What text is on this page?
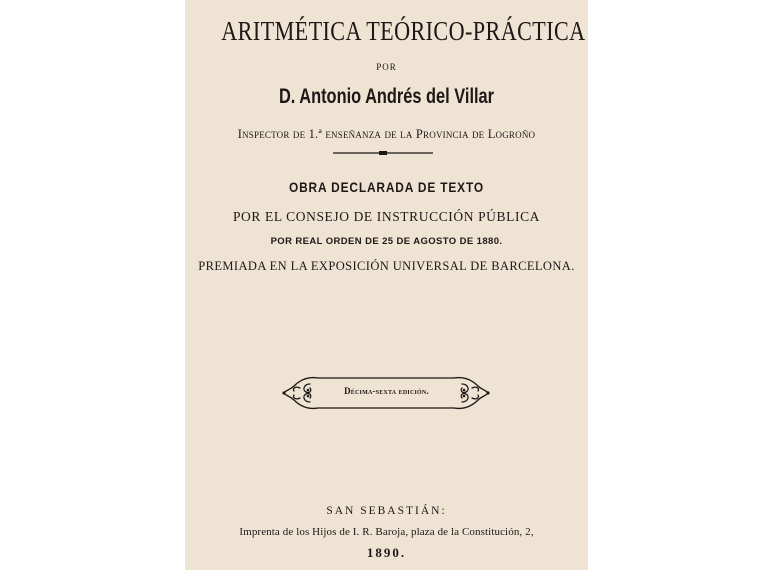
ARITMÉTICA TEÓRICO-PRÁCTICA
POR
D. Antonio Andrés del Villar
Inspector de 1.ª enseñanza de la Provincia de Logroño
OBRA DECLARADA DE TEXTO
POR EL CONSEJO DE INSTRUCCIÓN PÚBLICA
POR REAL ORDEN DE 25 DE AGOSTO DE 1880.
PREMIADA EN LA EXPOSICIÓN UNIVERSAL DE BARCELONA.
Décima-sexta edición.
SAN SEBASTIÁN:
Imprenta de los Hijos de I. R. Baroja, plaza de la Constitución, 2,
1890.
